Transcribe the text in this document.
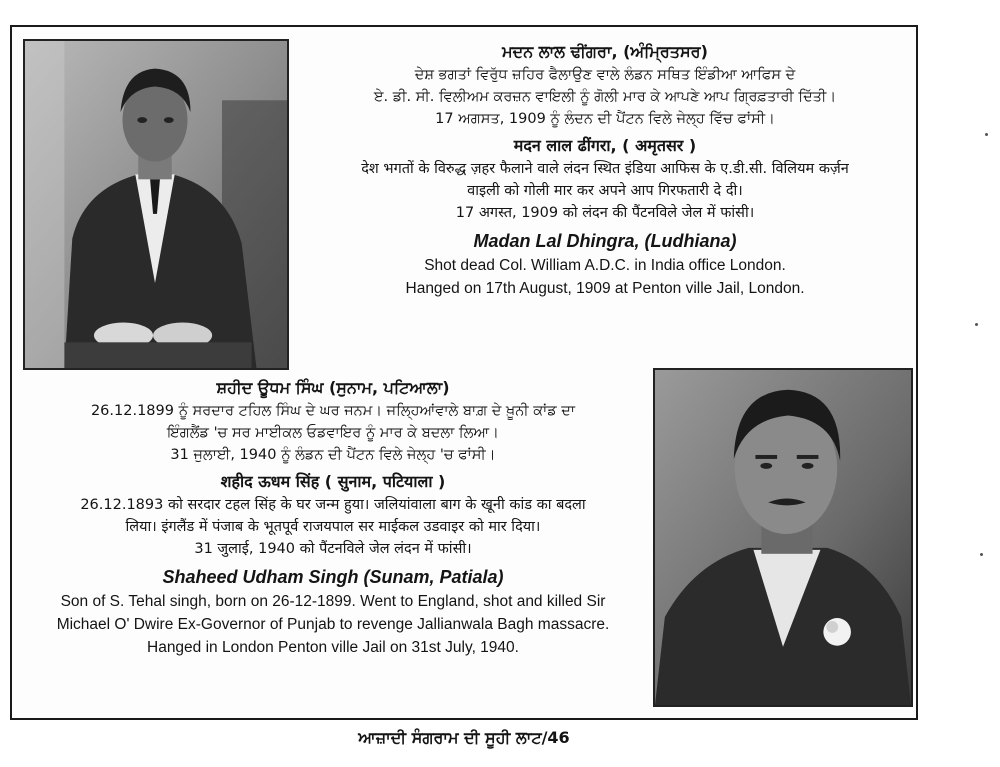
ਮਦਨ ਲਾਲ ਢੀਂਗਰਾ, (ਅੰਮ੍ਰਿਤਸਰ)

ਦੇਸ਼ ਭਗਤਾਂ ਵਿਰੁੱਧ ਜ਼ਹਿਰ ਫੈਲਾਉਣ ਵਾਲੇ ਲੰਡਨ ਸਥਿਤ ਇੰਡੀਆ ਆਫਿਸ ਦੇ

ਏ. ਡੀ. ਸੀ. ਵਿਲੀਅਮ ਕਰਜ਼ਨ ਵਾਇਲੀ ਨੂੰ ਗੋਲੀ ਮਾਰ ਕੇ ਆਪਣੇ ਆਪ ਗ੍ਰਿਫ਼ਤਾਰੀ ਦਿੱਤੀ।

17 ਅਗਸਤ, 1909 ਨੂੰ ਲੰਦਨ ਦੀ ਪੈਂਟਨ ਵਿਲੇ ਜੇਲ੍ਹ ਵਿੱਚ ਫਾਂਸੀ।

मदन लाल ढींगरा, ( अमृतसर )

देश भगतों के विरुद्ध ज़हर फैलाने वाले लंदन स्थित इंडिया आफिस के ए.डी.सी. विलियम कर्ज़न

वाइली को गोली मार कर अपने आप गिरफतारी दे दी।

17 अगस्त, 1909 को लंदन की पैंटनविले जेल में फांसी।

Madan Lal Dhingra, (Ludhiana)

Shot dead Col. William A.D.C. in India office London.

Hanged on 17th August, 1909 at Penton ville Jail, London.

ਸ਼ਹੀਦ ਊਧਮ ਸਿੰਘ (ਸੁਨਾਮ, ਪਟਿਆਲਾ)

26.12.1899 ਨੂੰ ਸਰਦਾਰ ਟਹਿਲ ਸਿੰਘ ਦੇ ਘਰ ਜਨਮ। ਜਲ੍ਹਿਆਂਵਾਲੇ ਬਾਗ਼ ਦੇ ਖ਼ੂਨੀ ਕਾਂਡ ਦਾ

ਇੰਗਲੈਂਡ 'ਚ ਸਰ ਮਾਈਕਲ ਓਡਵਾਇਰ ਨੂੰ ਮਾਰ ਕੇ ਬਦਲਾ ਲਿਆ।

31 ਜੁਲਾਈ, 1940 ਨੂੰ ਲੰਡਨ ਦੀ ਪੈਂਟਨ ਵਿਲੇ ਜੇਲ੍ਹ 'ਚ ਫਾਂਸੀ।

शहीद ऊधम सिंह ( सुनाम, पटियाला )

26.12.1893 को सरदार टहल सिंह के घर जन्म हुया। जलियांवाला बाग के खूनी कांड का बदला

लिया। इंगलैंड में पंजाब के भूतपूर्व राजयपाल सर माईकल उडवाइर को मार दिया।

31 जुलाई, 1940 को पैंटनविले जेल लंदन में फांसी।

Shaheed Udham Singh (Sunam, Patiala)

Son of S. Tehal singh, born on 26-12-1899. Went to England, shot and killed Sir

Michael O' Dwire Ex-Governor of Punjab to revenge Jallianwala Bagh massacre.

Hanged in London Penton ville Jail on 31st July, 1940.

ਆਜ਼ਾਦੀ ਸੰਗਰਾਮ ਦੀ ਸੂਹੀ ਲਾਟ/46
